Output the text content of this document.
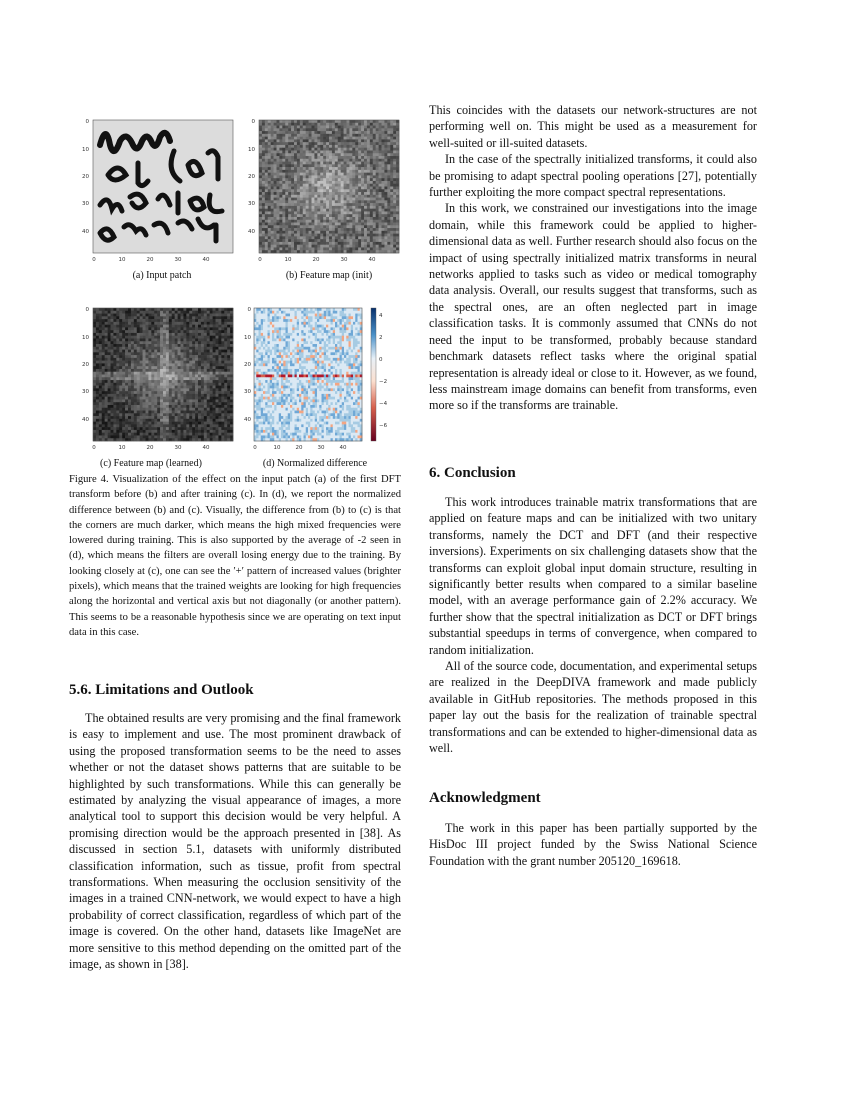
0
10
20
30
40
0	10	20	30	40
(a) Input patch
0
10
20
30
40
0	10	20	30	40
(b) Feature map (init)
0
10
20
30
40
0	10	20	30	40
(c) Feature map (learned)
0
10
20
30
40
0	10	20	30	40
4
2
0
−2
−4
−6
(d) Normalized difference

Figure 4. Visualization of the effect on the input patch (a) of the first DFT transform before (b) and after training (c). In (d), we report the normalized difference between (b) and (c). Visually, the difference from (b) to (c) is that the corners are much darker, which means the high mixed frequencies were lowered during training. This is also supported by the average of -2 seen in (d), which means the filters are overall losing energy due to the training. By looking closely at (c), one can see the ′+′ pattern of increased values (brighter pixels), which means that the trained weights are looking for high frequencies along the horizontal and vertical axis but not diagonally (or another pattern). This seems to be a reasonable hypothesis since we are operating on text input data in this case.

5.6. Limitations and Outlook

The obtained results are very promising and the final framework is easy to implement and use. The most prominent drawback of using the proposed transformation seems to be the need to asses whether or not the dataset shows patterns that are suitable to be highlighted by such transformations. While this can generally be estimated by analyzing the visual appearance of images, a more analytical tool to support this decision would be very helpful. A promising direction would be the approach presented in [38]. As discussed in section 5.1, datasets with uniformly distributed classification information, such as tissue, profit from spectral transformations. When measuring the occlusion sensitivity of the images in a trained CNN-network, we would expect to have a high probability of correct classification, regardless of which part of the image is covered. On the other hand, datasets like ImageNet are more sensitive to this method depending on the omitted part of the image, as shown in [38].

This coincides with the datasets our network-structures are not performing well on. This might be used as a measurement for well-suited or ill-suited datasets.

In the case of the spectrally initialized transforms, it could also be promising to adapt spectral pooling operations [27], potentially further exploiting the more compact spectral representations.

In this work, we constrained our investigations into the image domain, while this framework could be applied to higher-dimensional data as well. Further research should also focus on the impact of using spectrally initialized matrix transforms in neural networks applied to tasks such as video or medical tomography data analysis. Overall, our results suggest that transforms, such as the spectral ones, are an often neglected part in image classification tasks. It is commonly assumed that CNNs do not need the input to be transformed, probably because standard benchmark datasets reflect tasks where the original spatial representation is already ideal or close to it. However, as we found, less mainstream image domains can benefit from transforms, even more so if the transforms are trainable.

6. Conclusion

This work introduces trainable matrix transformations that are applied on feature maps and can be initialized with two unitary transforms, namely the DCT and DFT (and their respective inversions). Experiments on six challenging datasets show that the transforms can exploit global input domain structure, resulting in significantly better results when compared to a similar baseline model, with an average performance gain of 2.2% accuracy. We further show that the spectral initialization as DCT or DFT brings substantial speedups in terms of convergence, when compared to random initialization.

All of the source code, documentation, and experimental setups are realized in the DeepDIVA framework and made publicly available in GitHub repositories. The methods proposed in this paper lay out the basis for the realization of trainable spectral transformations and can be extended to higher-dimensional data as well.

Acknowledgment

The work in this paper has been partially supported by the HisDoc III project funded by the Swiss National Science Foundation with the grant number 205120_169618.
